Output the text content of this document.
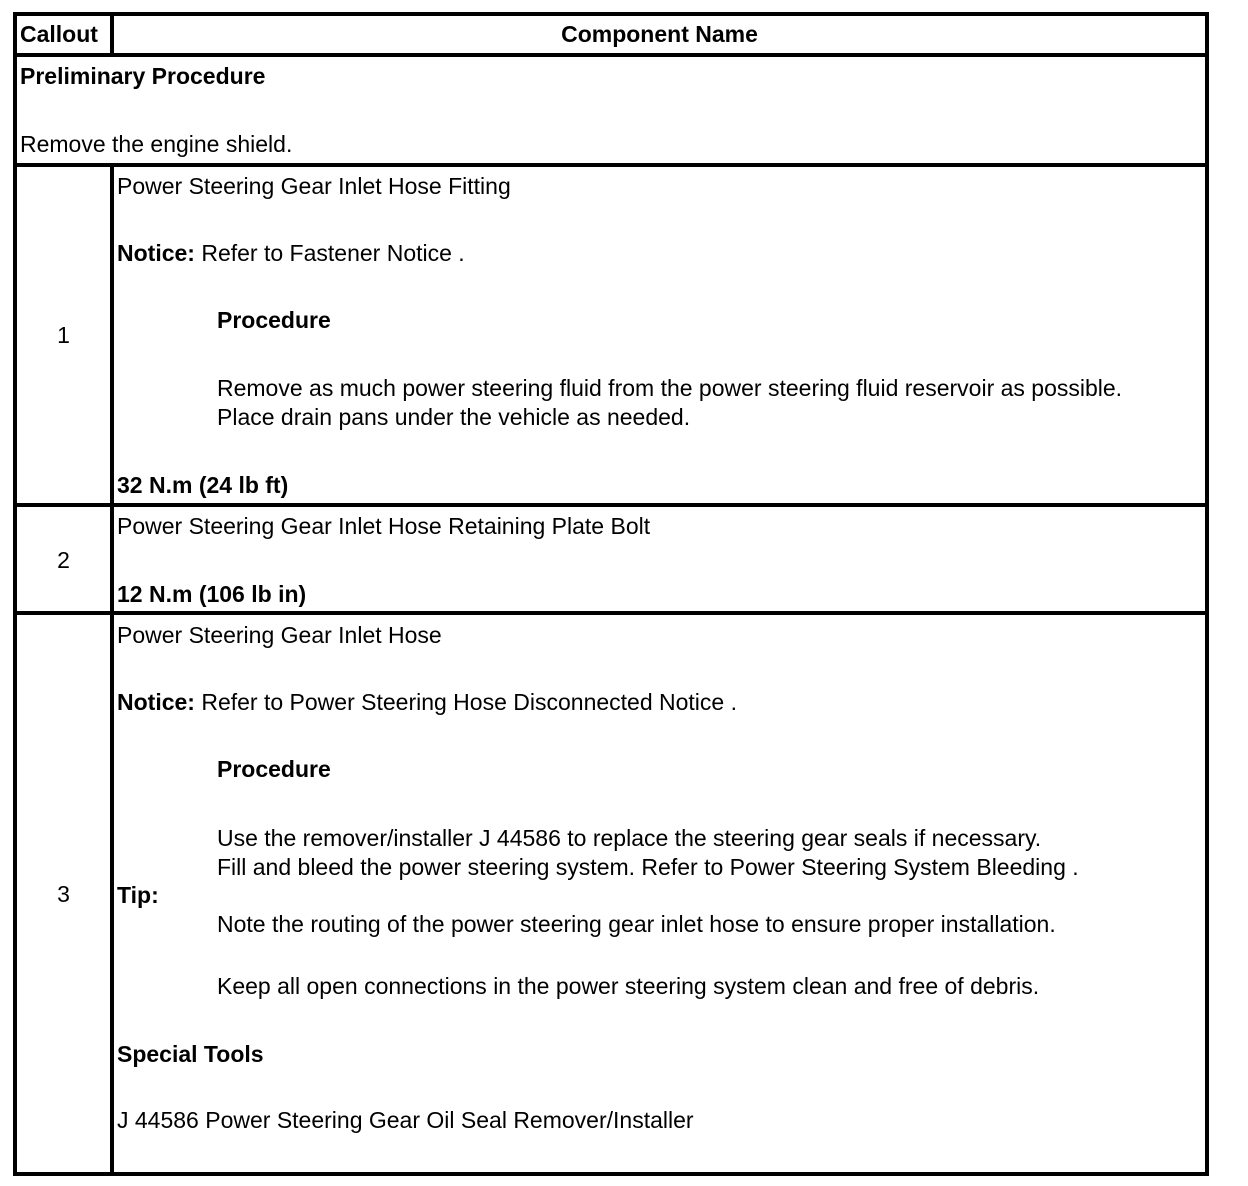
Callout	Component Name
Preliminary Procedure
Remove the engine shield.
1
Power Steering Gear Inlet Hose Fitting
Notice: Refer to Fastener Notice .
Procedure
Remove as much power steering fluid from the power steering fluid reservoir as possible.
Place drain pans under the vehicle as needed.
32 N.m (24 lb ft)
2
Power Steering Gear Inlet Hose Retaining Plate Bolt
12 N.m (106 lb in)
3
Power Steering Gear Inlet Hose
Notice: Refer to Power Steering Hose Disconnected Notice .
Procedure
Use the remover/installer J 44586 to replace the steering gear seals if necessary.
Fill and bleed the power steering system. Refer to Power Steering System Bleeding .
Tip:
Note the routing of the power steering gear inlet hose to ensure proper installation.
Keep all open connections in the power steering system clean and free of debris.
Special Tools
J 44586 Power Steering Gear Oil Seal Remover/Installer
